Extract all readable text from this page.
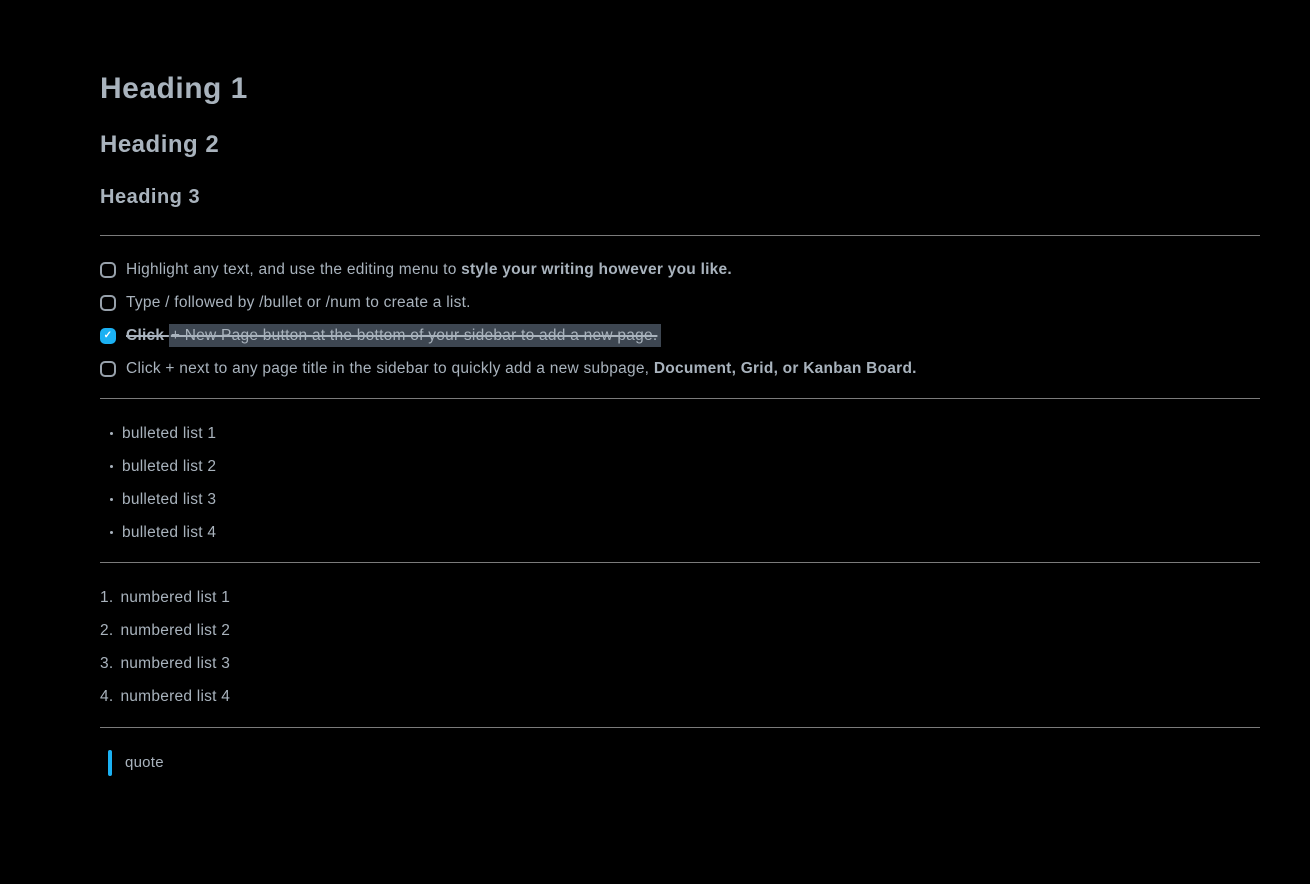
Heading 1
Heading 2
Heading 3
Highlight any text, and use the editing menu to style your writing however you like.
Type / followed by /bullet or /num to create a list.
✓ Click + New Page button at the bottom of your sidebar to add a new page.
Click + next to any page title in the sidebar to quickly add a new subpage, Document, Grid, or Kanban Board.
bulleted list 1
bulleted list 2
bulleted list 3
bulleted list 4
1. numbered list 1
2. numbered list 2
3. numbered list 3
4. numbered list 4
quote
